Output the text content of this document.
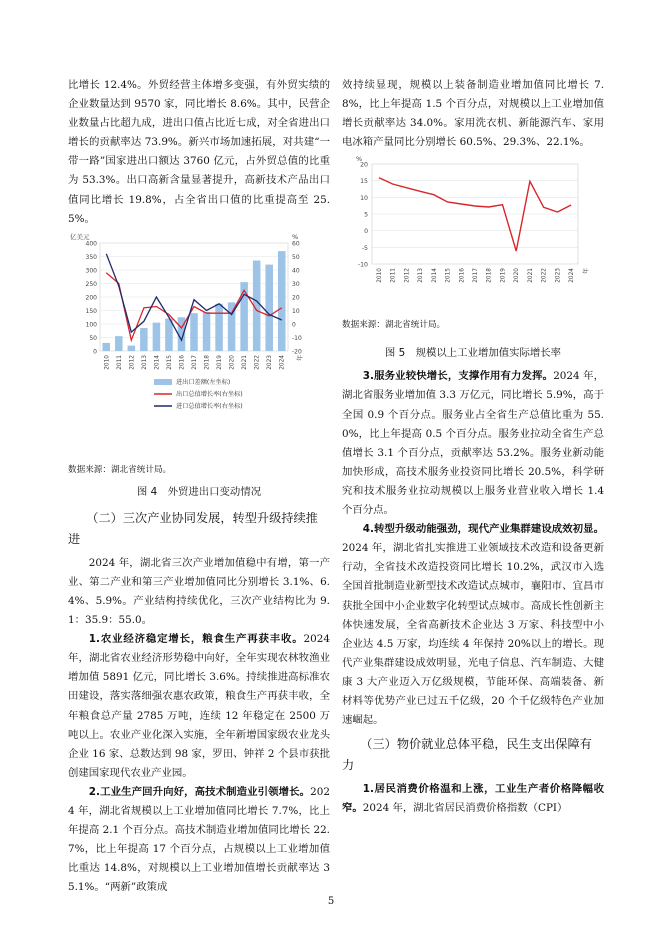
比增长 12.4%。外贸经营主体增多变强，有外贸实绩的企业数量达到 9570 家，同比增长 8.6%。其中，民营企业数量占比超九成，进出口值占比近七成，对全省进出口增长的贡献率达 73.9%。新兴市场加速拓展，对共建“一带一路”国家进出口额达 3760 亿元，占外贸总值的比重为 53.3%。出口高新含量显著提升，高新技术产品出口值同比增长 19.8%，占全省出口值的比重提高至 25.5%。

0
50
100
150
200
250
300
350
400
-20
-10
0
10
20
30
40
50
60
亿美元	%
2010 2011 2012 2013 2014 2015 2016 2017 2018 2019 2020 2021 2022 2023 2024 年
进出口差额(左坐标)
出口总值增长率(右坐标)
进口总值增长率(右坐标)

数据来源：湖北省统计局。

图 4　外贸进出口变动情况

（二）三次产业协同发展，转型升级持续推进

2024 年，湖北省三次产业增加值稳中有增，第一产业、第二产业和第三产业增加值同比分别增长 3.1%、6.4%、5.9%。产业结构持续优化，三次产业结构比为 9.1：35.9：55.0。

1.农业经济稳定增长，粮食生产再获丰收。2024 年，湖北省农业经济形势稳中向好，全年实现农林牧渔业增加值 5891 亿元，同比增长 3.6%。持续推进高标准农田建设，落实落细强农惠农政策，粮食生产再获丰收，全年粮食总产量 2785 万吨，连续 12 年稳定在 2500 万吨以上。农业产业化深入实施，全年新增国家级农业龙头企业 16 家、总数达到 98 家，罗田、钟祥 2 个县市获批创建国家现代农业产业园。

2.工业生产回升向好，高技术制造业引领增长。2024 年，湖北省规模以上工业增加值同比增长 7.7%，比上年提高 2.1 个百分点。高技术制造业增加值同比增长 22.7%，比上年提高 17 个百分点，占规模以上工业增加值比重达 14.8%，对规模以上工业增加值增长贡献率达 35.1%。“两新”政策成

效持续显现，规模以上装备制造业增加值同比增长 7.8%，比上年提高 1.5 个百分点，对规模以上工业增加值增长贡献率达 34.0%。家用洗衣机、新能源汽车、家用电冰箱产量同比分别增长 60.5%、29.3%、22.1%。

-10
-5
0
5
10
15
20
%
2010 2011 2012 2013 2014 2015 2016 2017 2018 2019 2020 2021 2022 2023 2024 年

数据来源：湖北省统计局。

图 5　规模以上工业增加值实际增长率

3.服务业较快增长，支撑作用有力发挥。2024 年，湖北省服务业增加值 3.3 万亿元，同比增长 5.9%，高于全国 0.9 个百分点。服务业占全省生产总值比重为 55.0%，比上年提高 0.5 个百分点。服务业拉动全省生产总值增长 3.1 个百分点，贡献率达 53.2%。服务业新动能加快形成，高技术服务业投资同比增长 20.5%，科学研究和技术服务业拉动规模以上服务业营业收入增长 1.4 个百分点。

4.转型升级动能强劲，现代产业集群建设成效初显。2024 年，湖北省扎实推进工业领域技术改造和设备更新行动，全省技术改造投资同比增长 10.2%，武汉市入选全国首批制造业新型技术改造试点城市，襄阳市、宜昌市获批全国中小企业数字化转型试点城市。高成长性创新主体快速发展，全省高新技术企业达 3 万家、科技型中小企业达 4.5 万家，均连续 4 年保持 20%以上的增长。现代产业集群建设成效明显，光电子信息、汽车制造、大健康 3 大产业迈入万亿级规模，节能环保、高端装备、新材料等优势产业已过五千亿级，20 个千亿级特色产业加速崛起。

（三）物价就业总体平稳，民生支出保障有力

1.居民消费价格温和上涨，工业生产者价格降幅收窄。2024 年，湖北省居民消费价格指数（CPI）

5
